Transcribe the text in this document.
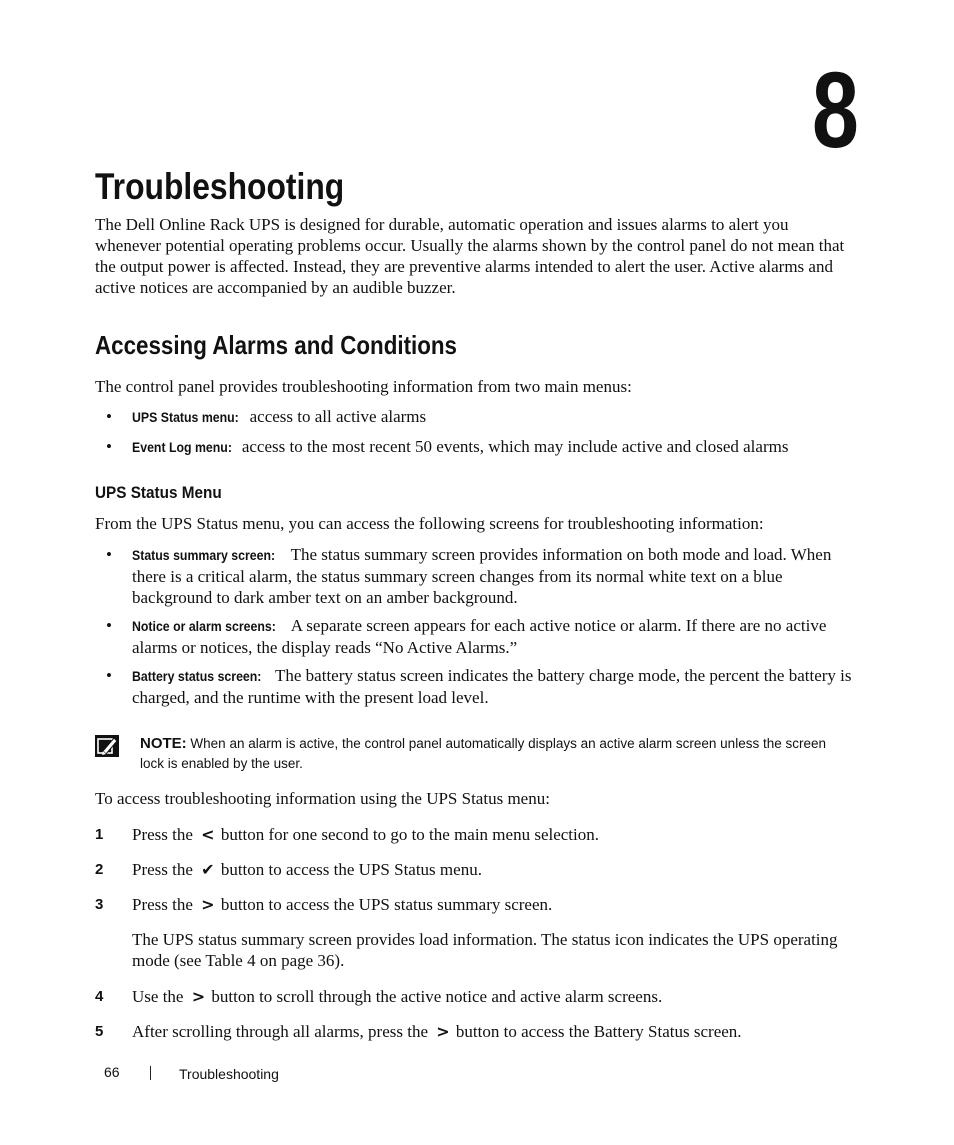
8
Troubleshooting

The Dell Online Rack UPS is designed for durable, automatic operation and issues alarms to alert you whenever potential operating problems occur. Usually the alarms shown by the control panel do not mean that the output power is affected. Instead, they are preventive alarms intended to alert the user. Active alarms and active notices are accompanied by an audible buzzer.

Accessing Alarms and Conditions

The control panel provides troubleshooting information from two main menus:

• UPS Status menu: access to all active alarms
• Event Log menu: access to the most recent 50 events, which may include active and closed alarms
UPS Status Menu

From the UPS Status menu, you can access the following screens for troubleshooting information:

• Status summary screen: The status summary screen provides information on both mode and load. When there is a critical alarm, the status summary screen changes from its normal white text on a blue background to dark amber text on an amber background.
• Notice or alarm screens: A separate screen appears for each active notice or alarm. If there are no active alarms or notices, the display reads “No Active Alarms.”
• Battery status screen: The battery status screen indicates the battery charge mode, the percent the battery is charged, and the runtime with the present load level.
NOTE: When an alarm is active, the control panel automatically displays an active alarm screen unless the screen lock is enabled by the user.

To access troubleshooting information using the UPS Status menu:

1 Press the < button for one second to go to the main menu selection.
2 Press the ✔ button to access the UPS Status menu.
3 Press the > button to access the UPS status summary screen.

The UPS status summary screen provides load information. The status icon indicates the UPS operating mode (see Table 4 on page 36).

4 Use the > button to scroll through the active notice and active alarm screens.
5 After scrolling through all alarms, press the > button to access the Battery Status screen.
66	Troubleshooting
